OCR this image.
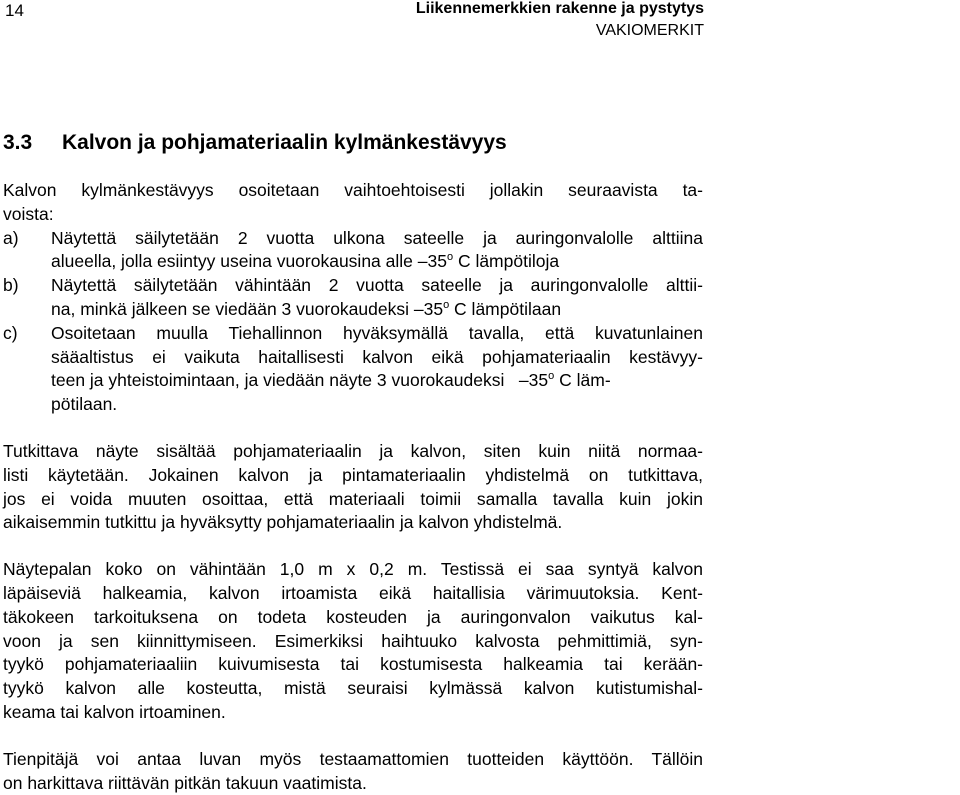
14	Liikennemerkkien rakenne ja pystytys
VAKIOMERKIT
3.3 Kalvon ja pohjamateriaalin kylmänkestävyys
Kalvon kylmänkestävyys osoitetaan vaihtoehtoisesti jollakin seuraavista ta-
voista:
a) Näytettä säilytetään 2 vuotta ulkona sateelle ja auringonvalolle alttiina
alueella, jolla esiintyy useina vuorokausina alle –35$^o$ C lämpötiloja
b) Näytettä säilytetään vähintään 2 vuotta sateelle ja auringonvalolle alttii-
na, minkä jälkeen se viedään 3 vuorokaudeksi –35$^o$ C lämpötilaan
c) Osoitetaan muulla Tiehallinnon hyväksymällä tavalla, että kuvatunlainen
sääaltistus ei vaikuta haitallisesti kalvon eikä pohjamateriaalin kestävyy-
teen ja yhteistoimintaan, ja viedään näyte 3 vuorokaudeksi   –35$^o$ C läm-
pötilaan.
Tutkittava näyte sisältää pohjamateriaalin ja kalvon, siten kuin niitä normaa-
listi käytetään. Jokainen kalvon ja pintamateriaalin yhdistelmä on tutkittava,
jos ei voida muuten osoittaa, että materiaali toimii samalla tavalla kuin jokin
aikaisemmin tutkittu ja hyväksytty pohjamateriaalin ja kalvon yhdistelmä.
Näytepalan koko on vähintään 1,0 m x 0,2 m. Testissä ei saa syntyä kalvon
läpäiseviä halkeamia, kalvon irtoamista eikä haitallisia värimuutoksia. Kent-
täkokeen tarkoituksena on todeta kosteuden ja auringonvalon vaikutus kal-
voon ja sen kiinnittymiseen. Esimerkiksi haihtuuko kalvosta pehmittimiä, syn-
tyykö pohjamateriaaliin kuivumisesta tai kostumisesta halkeamia tai kerään-
tyykö kalvon alle kosteutta, mistä seuraisi kylmässä kalvon kutistumishal-
keama tai kalvon irtoaminen.
Tienpitäjä voi antaa luvan myös testaamattomien tuotteiden käyttöön. Tällöin
on harkittava riittävän pitkän takuun vaatimista.
